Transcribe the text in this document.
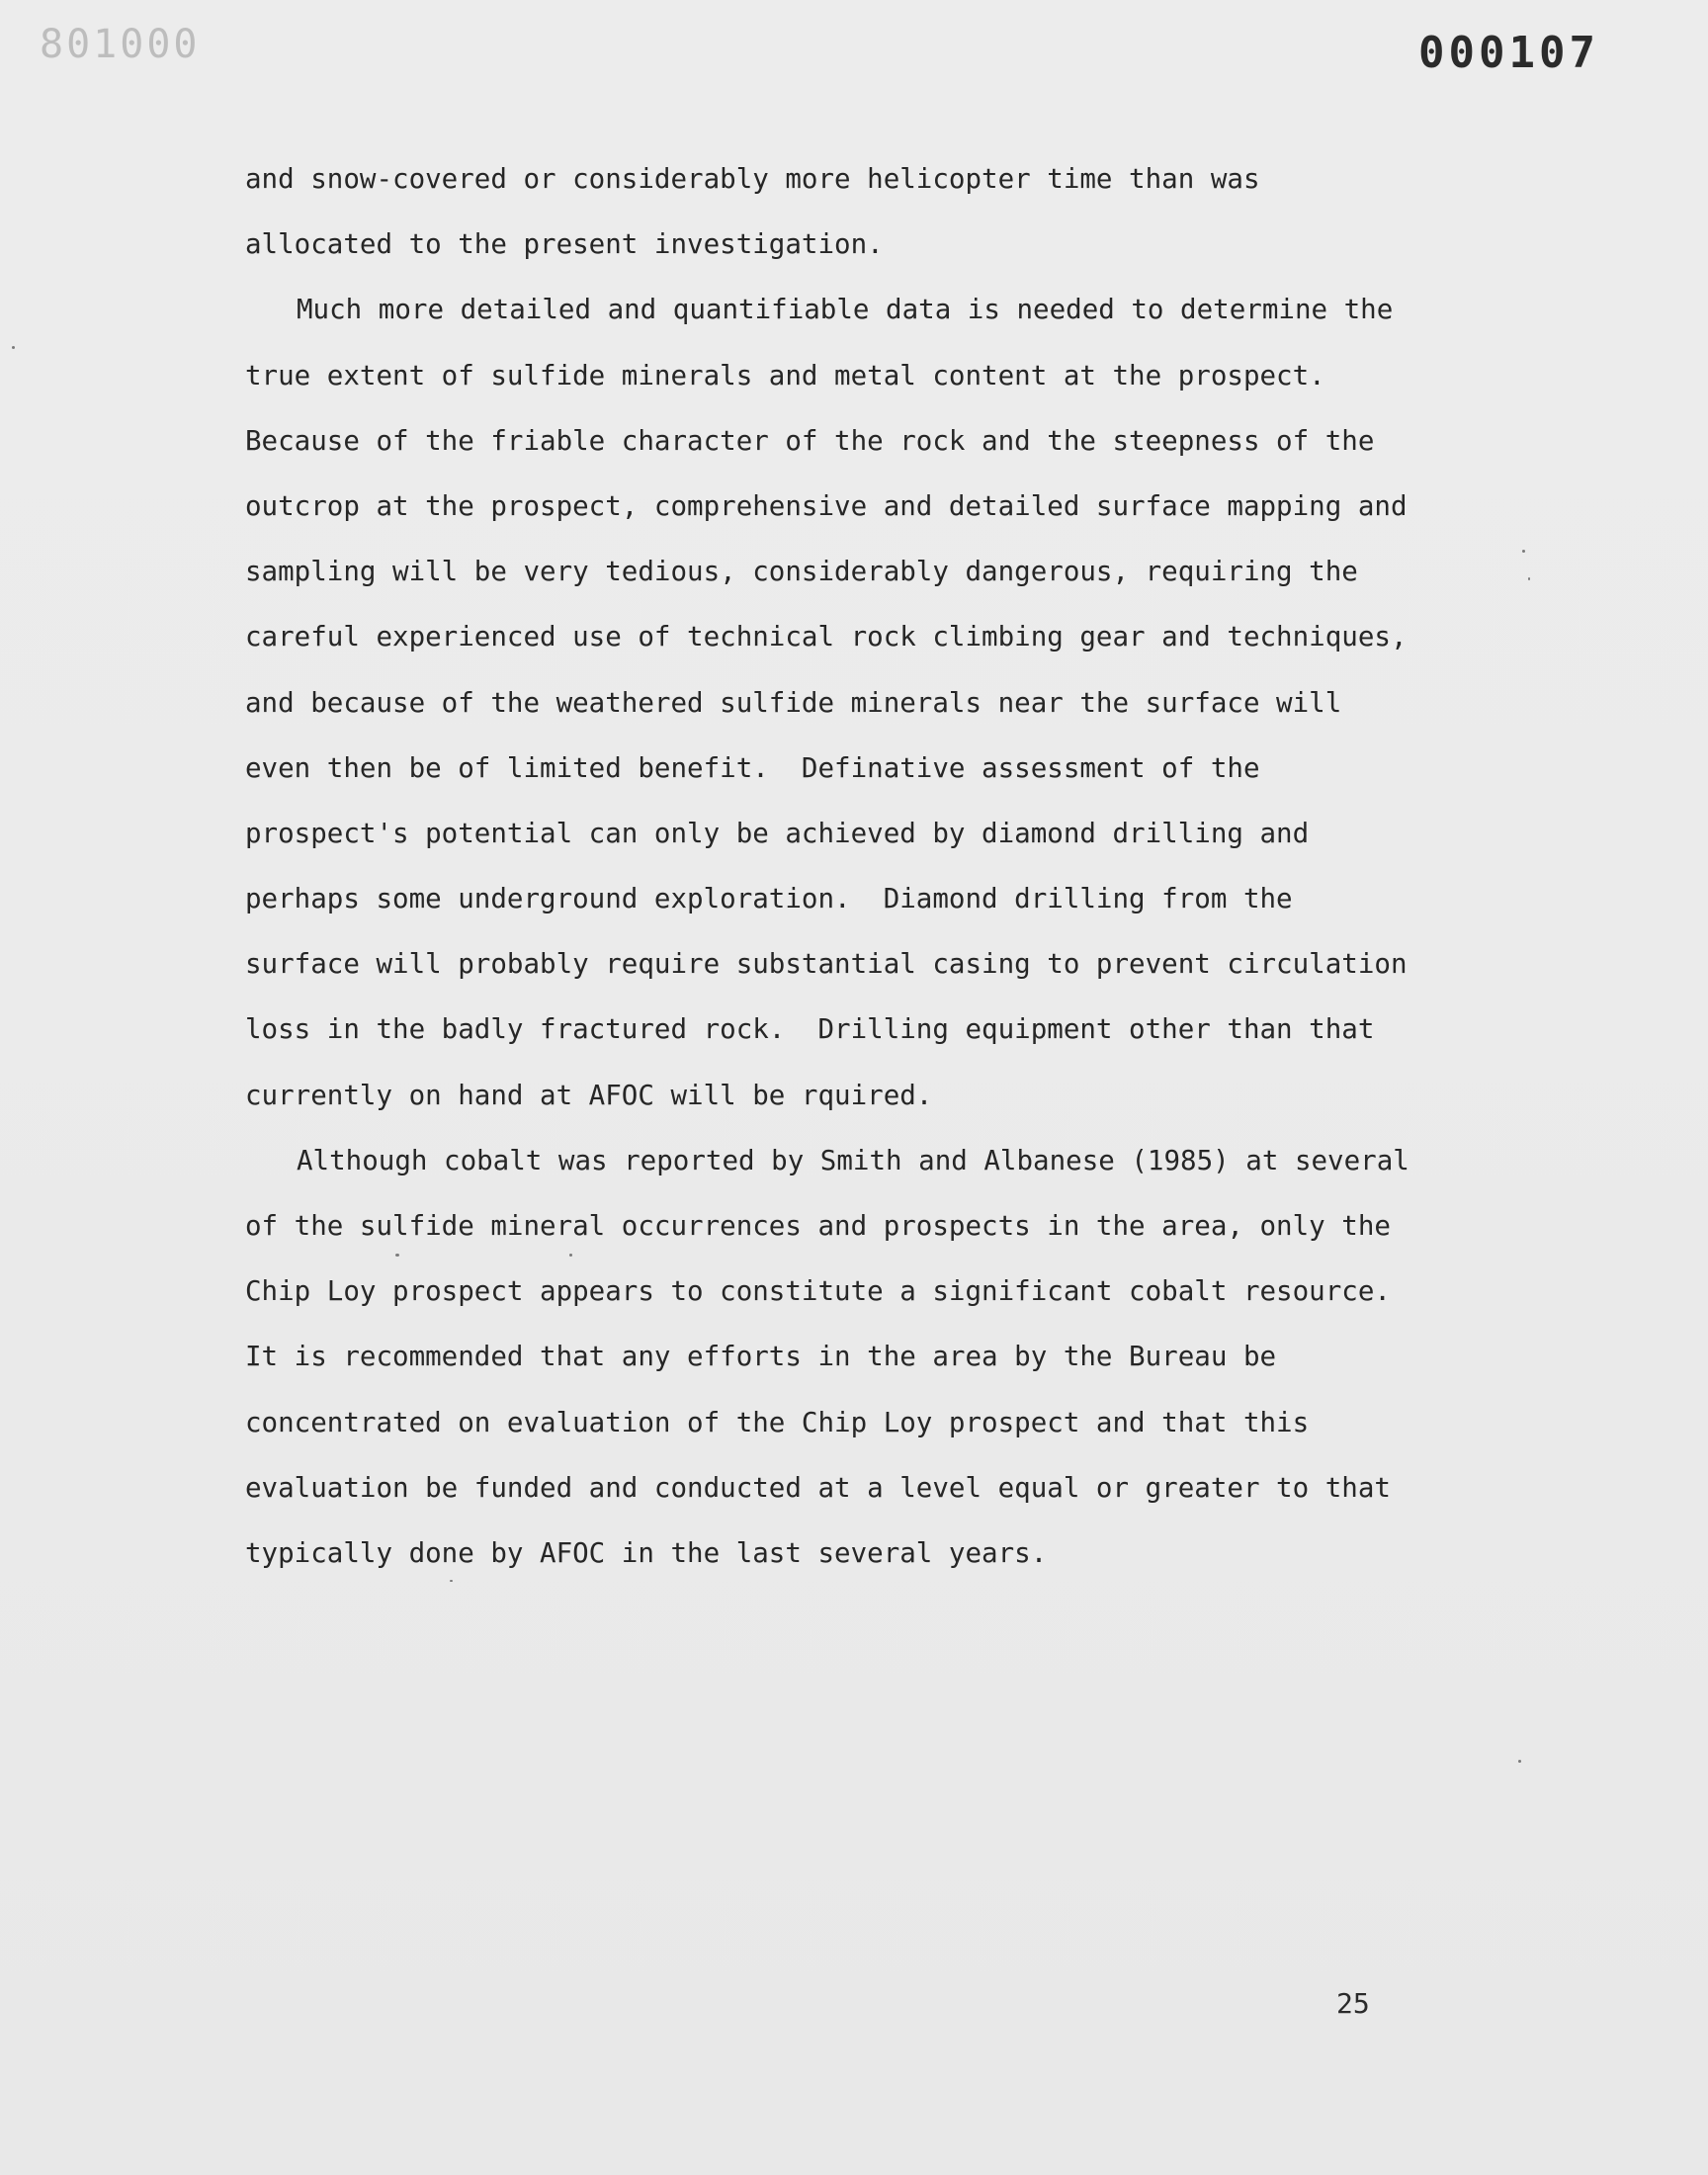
801000	000107
and snow-covered or considerably more helicopter time than was
allocated to the present investigation.
Much more detailed and quantifiable data is needed to determine the
true extent of sulfide minerals and metal content at the prospect.
Because of the friable character of the rock and the steepness of the
outcrop at the prospect, comprehensive and detailed surface mapping and
sampling will be very tedious, considerably dangerous, requiring the
careful experienced use of technical rock climbing gear and techniques,
and because of the weathered sulfide minerals near the surface will
even then be of limited benefit.  Definative assessment of the
prospect's potential can only be achieved by diamond drilling and
perhaps some underground exploration.  Diamond drilling from the
surface will probably require substantial casing to prevent circulation
loss in the badly fractured rock.  Drilling equipment other than that
currently on hand at AFOC will be rquired.
Although cobalt was reported by Smith and Albanese (1985) at several
of the sulfide mineral occurrences and prospects in the area, only the
Chip Loy prospect appears to constitute a significant cobalt resource.
It is recommended that any efforts in the area by the Bureau be
concentrated on evaluation of the Chip Loy prospect and that this
evaluation be funded and conducted at a level equal or greater to that
typically done by AFOC in the last several years.
25
